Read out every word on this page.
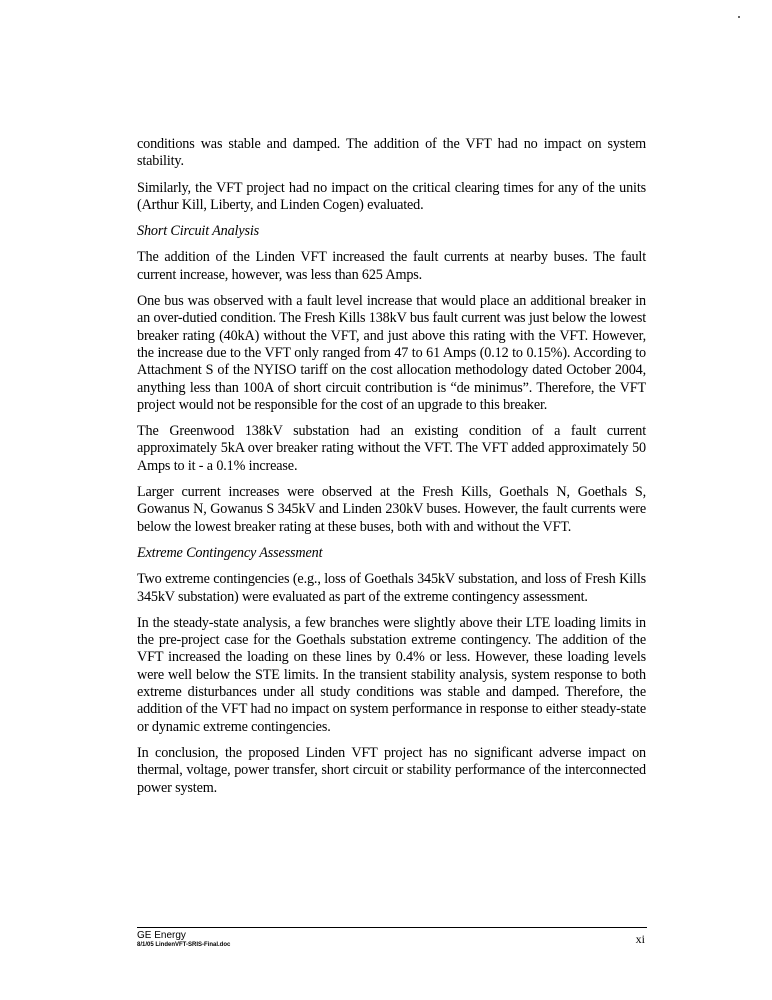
conditions was stable and damped. The addition of the VFT had no impact on system stability.

Similarly, the VFT project had no impact on the critical clearing times for any of the units (Arthur Kill, Liberty, and Linden Cogen) evaluated.

Short Circuit Analysis

The addition of the Linden VFT increased the fault currents at nearby buses. The fault current increase, however, was less than 625 Amps.

One bus was observed with a fault level increase that would place an additional breaker in an over-dutied condition. The Fresh Kills 138kV bus fault current was just below the lowest breaker rating (40kA) without the VFT, and just above this rating with the VFT. However, the increase due to the VFT only ranged from 47 to 61 Amps (0.12 to 0.15%). According to Attachment S of the NYISO tariff on the cost allocation methodology dated October 2004, anything less than 100A of short circuit contribution is “de minimus”. Therefore, the VFT project would not be responsible for the cost of an upgrade to this breaker.

The Greenwood 138kV substation had an existing condition of a fault current approximately 5kA over breaker rating without the VFT. The VFT added approximately 50 Amps to it - a 0.1% increase.

Larger current increases were observed at the Fresh Kills, Goethals N, Goethals S, Gowanus N, Gowanus S 345kV and Linden 230kV buses. However, the fault currents were below the lowest breaker rating at these buses, both with and without the VFT.

Extreme Contingency Assessment

Two extreme contingencies (e.g., loss of Goethals 345kV substation, and loss of Fresh Kills 345kV substation) were evaluated as part of the extreme contingency assessment.

In the steady-state analysis, a few branches were slightly above their LTE loading limits in the pre-project case for the Goethals substation extreme contingency. The addition of the VFT increased the loading on these lines by 0.4% or less. However, these loading levels were well below the STE limits. In the transient stability analysis, system response to both extreme disturbances under all study conditions was stable and damped. Therefore, the addition of the VFT had no impact on system performance in response to either steady-state or dynamic extreme contingencies.

In conclusion, the proposed Linden VFT project has no significant adverse impact on thermal, voltage, power transfer, short circuit or stability performance of the interconnected power system.

GE Energy
8/1/05 LindenVFT-SRIS-Final.doc	xi
